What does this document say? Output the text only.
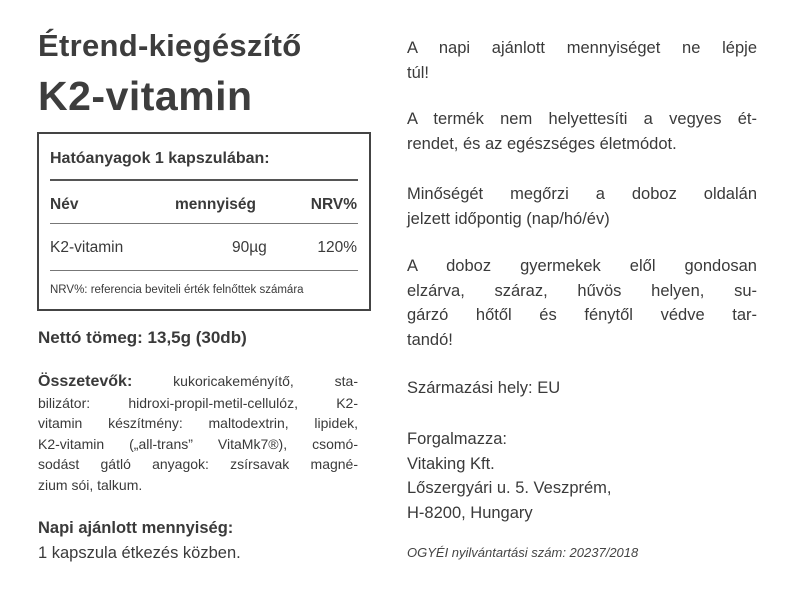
Étrend-kiegészítő
K2-vitamin
Hatóanyagok 1 kapszulában:
Név	mennyiség	NRV%
K2-vitamin	90µg	120%
NRV%: referencia beviteli érték felnőttek számára
Nettó tömeg: 13,5g (30db)
Összetevők: kukoricakeményítő, sta-
bilizátor: hidroxi-propil-metil-cellulóz, K2-
vitamin készítmény: maltodextrin, lipidek,
K2-vitamin („all-trans” VitaMk7®), csomó-
sodást gátló anyagok: zsírsavak magné-
zium sói, talkum.
Napi ajánlott mennyiség:
1 kapszula étkezés közben.
A napi ajánlott mennyiséget ne lépje
túl!
A termék nem helyettesíti a vegyes ét-
rendet, és az egészséges életmódot.
Minőségét megőrzi a doboz oldalán
jelzett időpontig (nap/hó/év)
A doboz gyermekek elől gondosan
elzárva, száraz, hűvös helyen, su-
gárzó hőtől és fénytől védve tar-
tandó!
Származási hely: EU
Forgalmazza:
Vitaking Kft.
Lőszergyári u. 5. Veszprém,
H-8200, Hungary
OGYÉI nyilvántartási szám: 20237/2018
